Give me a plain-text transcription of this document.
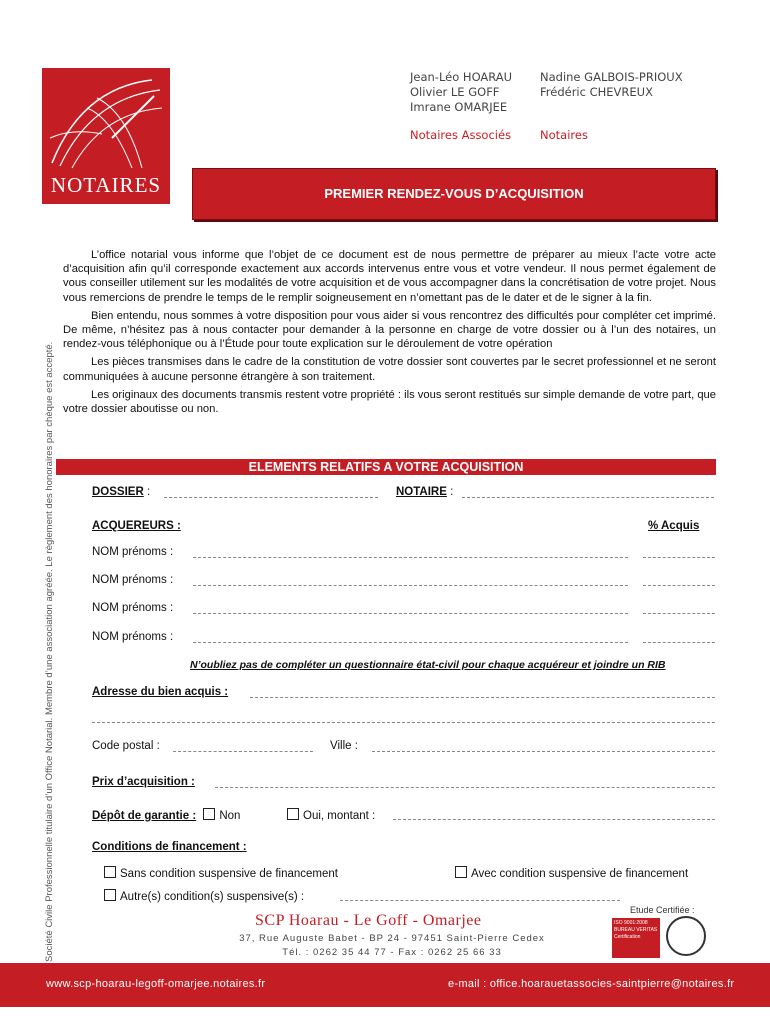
NOTAIRES
Jean-Léo HOARAU
Olivier LE GOFF
Imrane OMARJEE
Nadine GALBOIS-PRIOUX
Frédéric CHEVREUX
Notaires Associés	Notaires
PREMIER RENDEZ-VOUS D’ACQUISITION
Société Civile Professionnelle titulaire d’un Office Notarial. Membre d’une association agréée. Le règlement des honoraires par chèque est accepté.

L’office notarial vous informe que l’objet de ce document est de nous permettre de préparer au mieux l’acte votre acte d’acquisition afin qu’il corresponde exactement aux accords intervenus entre vous et votre vendeur. Il nous permet également de vous conseiller utilement sur les modalités de votre acquisition et de vous accompagner dans la concrétisation de votre projet. Nous vous remercions de prendre le temps de le remplir soigneusement en n’omettant pas de le dater et de le signer à la fin.

Bien entendu, nous sommes à votre disposition pour vous aider si vous rencontrez des difficultés pour compléter cet imprimé. De même, n’hésitez pas à nous contacter pour demander à la personne en charge de votre dossier ou à l’un des notaires, un rendez-vous téléphonique ou à l’Étude pour toute explication sur le déroulement de votre opération

Les pièces transmises dans le cadre de la constitution de votre dossier sont couvertes par le secret professionnel et ne seront communiquées à aucune personne étrangère à son traitement.

Les originaux des documents transmis restent votre propriété : ils vous seront restitués sur simple demande de votre part, que votre dossier aboutisse ou non.

ELEMENTS RELATIFS A VOTRE ACQUISITION
DOSSIER :	NOTAIRE :
ACQUEREURS :	% Acquis
NOM prénoms :
NOM prénoms :
NOM prénoms :
NOM prénoms :
N’oubliez pas de compléter un questionnaire état-civil pour chaque acquéreur et joindre un RIB
Adresse du bien acquis :
Code postal :	Ville :
Prix d’acquisition :
Dépôt de garantie : Non	Oui, montant :
Conditions de financement :
Sans condition suspensive de financement	Avec condition suspensive de financement
Autre(s) condition(s) suspensive(s) :
SCP Hoarau - Le Goff - Omarjee
37, Rue Auguste Babet - BP 24 - 97451 Saint-Pierre Cedex
Tél. : 0262 35 44 77 - Fax : 0262 25 66 33
Etude Certifiée :
ISO 9001:2008 BUREAU VERITAS Certification
www.scp-hoarau-legoff-omarjee.notaires.fr	e-mail : office.hoarauetassocies-saintpierre@notaires.fr
